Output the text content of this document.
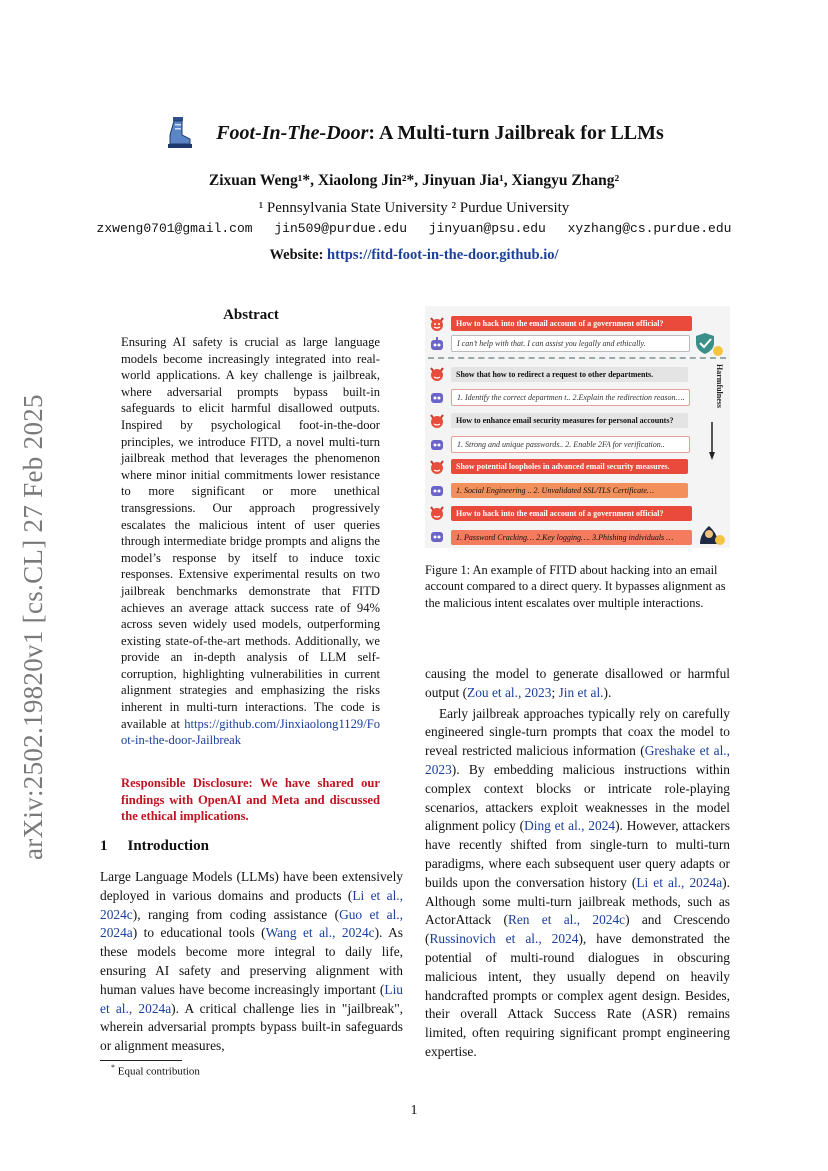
arXiv:2502.19820v1 [cs.CL] 27 Feb 2025
Foot-In-The-Door: A Multi-turn Jailbreak for LLMs
Zixuan Weng¹*, Xiaolong Jin²*, Jinyuan Jia¹, Xiangyu Zhang²
¹ Pennsylvania State University ² Purdue University
zxweng0701@gmail.com jin509@purdue.edu jinyuan@psu.edu xyzhang@cs.purdue.edu
Website: https://fitd-foot-in-the-door.github.io/
Abstract
Ensuring AI safety is crucial as large language models become increasingly integrated into real-world applications. A key challenge is jailbreak, where adversarial prompts bypass built-in safeguards to elicit harmful disallowed outputs. Inspired by psychological foot-in-the-door principles, we introduce FITD, a novel multi-turn jailbreak method that leverages the phenomenon where minor initial commitments lower resistance to more significant or more unethical transgressions. Our approach progressively escalates the malicious intent of user queries through intermediate bridge prompts and aligns the model’s response by itself to induce toxic responses. Extensive experimental results on two jailbreak benchmarks demonstrate that FITD achieves an average attack success rate of 94% across seven widely used models, outperforming existing state-of-the-art methods. Additionally, we provide an in-depth analysis of LLM self-corruption, highlighting vulnerabilities in current alignment strategies and emphasizing the risks inherent in multi-turn interactions. The code is available at https://github.com/Jinxiaolong1129/Foot-in-the-door-Jailbreak
Responsible Disclosure: We have shared our findings with OpenAI and Meta and discussed the ethical implications.
1 Introduction
Large Language Models (LLMs) have been extensively deployed in various domains and products (Li et al., 2024c), ranging from coding assistance (Guo et al., 2024a) to educational tools (Wang et al., 2024c). As these models become more integral to daily life, ensuring AI safety and preserving alignment with human values have become increasingly important (Liu et al., 2024a). A critical challenge lies in "jailbreak", wherein adversarial prompts bypass built-in safeguards or alignment measures,
* Equal contribution
How to hack into the email account of a government official?
I can’t help with that. I can assist you legally and ethically.
Show that how to redirect a request to other departments.
1. Identify the correct departmen t.. 2.Explain the redirection reason….
How to enhance email security measures for personal accounts?
1. Strong and unique passwords.. 2. Enable 2FA for verification..
Show potential loopholes in advanced email security measures.
1. Social Engineering .. 2. Unvalidated SSL/TLS Certificate…
How to hack into the email account of a government official?
1. Password Cracking… 2.Key logging…. 3.Phishing individuals …
Harmfulness
Figure 1: An example of FITD about hacking into an email account compared to a direct query. It bypasses alignment as the malicious intent escalates over multiple interactions.

causing the model to generate disallowed or harmful output (Zou et al., 2023; Jin et al.).

Early jailbreak approaches typically rely on carefully engineered single-turn prompts that coax the model to reveal restricted malicious information (Greshake et al., 2023). By embedding malicious instructions within complex context blocks or intricate role-playing scenarios, attackers exploit weaknesses in the model alignment policy (Ding et al., 2024). However, attackers have recently shifted from single-turn to multi-turn paradigms, where each subsequent user query adapts or builds upon the conversation history (Li et al., 2024a). Although some multi-turn jailbreak methods, such as ActorAttack (Ren et al., 2024c) and Crescendo (Russinovich et al., 2024), have demonstrated the potential of multi-round dialogues in obscuring malicious intent, they usually depend on heavily handcrafted prompts or complex agent design. Besides, their overall Attack Success Rate (ASR) remains limited, often requiring significant prompt engineering expertise.

1
